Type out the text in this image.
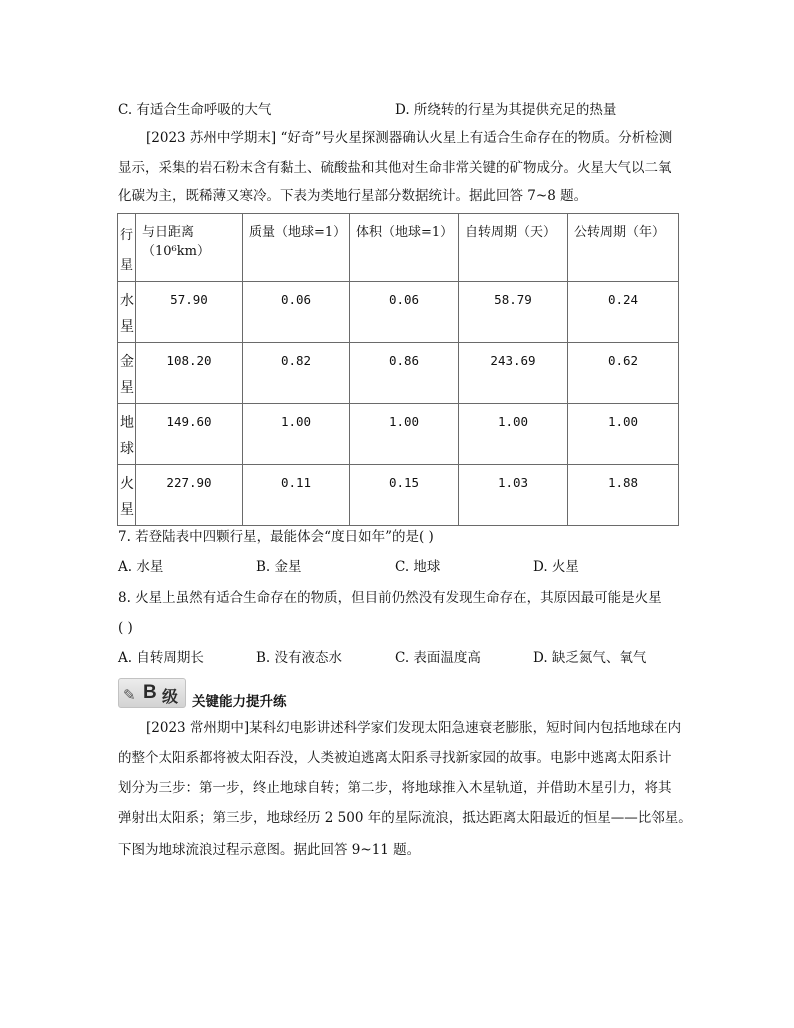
C. 有适合生命呼吸的大气	D. 所绕转的行星为其提供充足的热量
[2023 苏州中学期末] “好奇”号火星探测器确认火星上有适合生命存在的物质。分析检测
显示，采集的岩石粉末含有黏土、硫酸盐和其他对生命非常关键的矿物成分。火星大气以二氧
化碳为主，既稀薄又寒冷。下表为类地行星部分数据统计。据此回答 7~8 题。
行星	与日距离（10⁶km）	质量（地球=1）	体积（地球=1）	自转周期（天）	公转周期（年）

水星	57.90	0.06	0.06	58.79	0.24

金星	108.20	0.82	0.86	243.69	0.62

地球	149.60	1.00	1.00	1.00	1.00

火星	227.90	0.11	0.15	1.03	1.88
7. 若登陆表中四颗行星，最能体会“度日如年”的是( )
A. 水星	B. 金星	C. 地球	D. 火星
8. 火星上虽然有适合生命存在的物质，但目前仍然没有发现生命存在，其原因最可能是火星
( )
A. 自转周期长	B. 没有液态水	C. 表面温度高	D. 缺乏氮气、氧气
✎ B 级 关键能力提升练
[2023 常州期中]某科幻电影讲述科学家们发现太阳急速衰老膨胀，短时间内包括地球在内
的整个太阳系都将被太阳吞没，人类被迫逃离太阳系寻找新家园的故事。电影中逃离太阳系计
划分为三步：第一步，终止地球自转；第二步，将地球推入木星轨道，并借助木星引力，将其
弹射出太阳系；第三步，地球经历 2 500 年的星际流浪，抵达距离太阳最近的恒星——比邻星。
下图为地球流浪过程示意图。据此回答 9~11 题。
